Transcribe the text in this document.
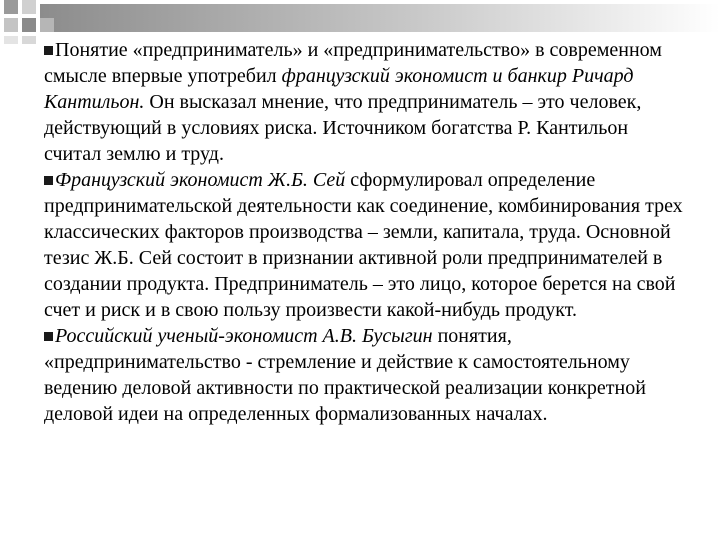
Понятие «предприниматель» и «предпринимательство» в современном смысле впервые употребил французский экономист и банкир Ричард Кантильон. Он высказал мнение, что предприниматель – это человек, действующий в условиях риска. Источником богатства Р. Кантильон считал землю и труд.

Французский экономист Ж.Б. Сей сформулировал определение предпринимательской деятельности как соединение, комбинирования трех классических факторов производства – земли, капитала, труда. Основной тезис Ж.Б. Сей состоит в признании активной роли предпринимателей в создании продукта. Предприниматель – это лицо, которое берется на свой счет и риск и в свою пользу произвести какой-нибудь продукт.

Российский ученый-экономист А.В. Бусыгин понятия, «предпринимательство - стремление и действие к самостоятельному ведению деловой активности по практической реализации конкретной деловой идеи на определенных формализованных началах.
